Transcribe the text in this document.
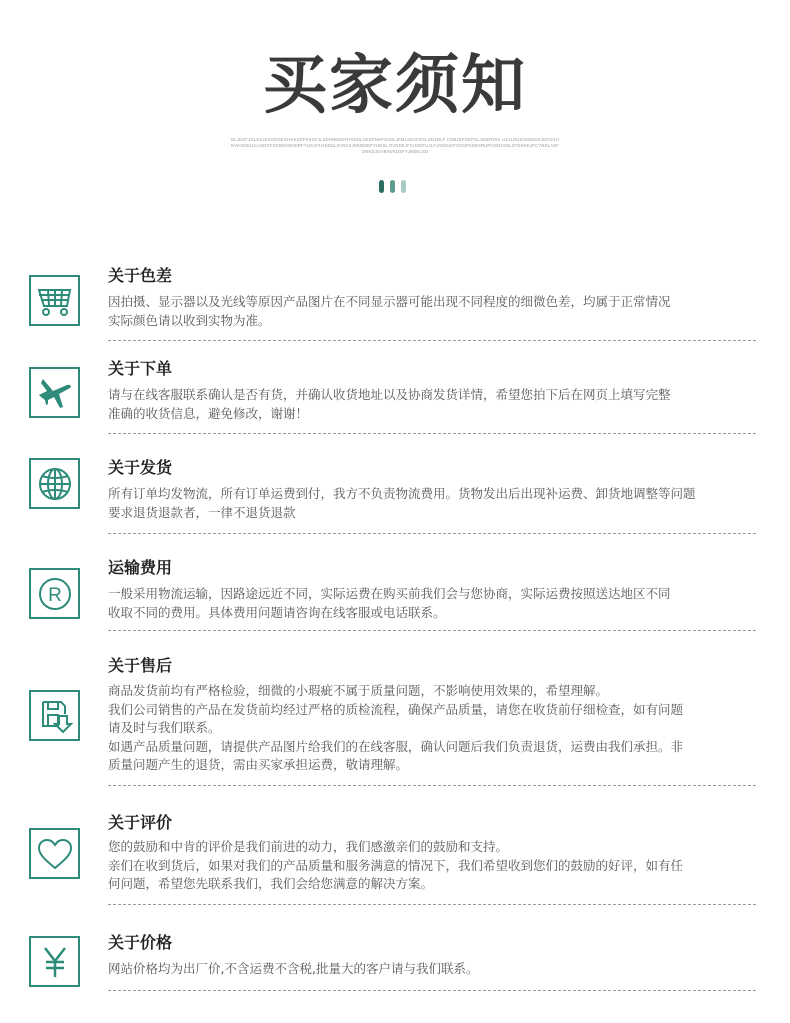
买家须知
DLJKDFJGLESJKGOKDEGHNKSDFKSGFJLSDNNBSDFHSDNLGEDFNNFSADLJFMLSDAFDSLDDJMLF CDBJDFOEPSLJGNFDNV USJLRUDJSDNGKJDFSGHNVKSDEJLKASDGFNCBNVBHDRFYUCAFHJNDSLSVNCKJMNBSDFYHDSL RVNDKJFCHSDFUJLFJSDNJHFSGNFDNBSRUROSDJGNLSTDSNKJFCYNDLASFGNKDJGHBNVKDSFYJNBKLSD
关于色差
因拍摄、显示器以及光线等原因产品图片在不同显示器可能出现不同程度的细微色差，均属于正常情况
实际颜色请以收到实物为准。
关于下单
请与在线客服联系确认是否有货，并确认收货地址以及协商发货详情，希望您拍下后在网页上填写完整
准确的收货信息，避免修改，谢谢！
关于发货
所有订单均发物流，所有订单运费到付，我方不负责物流费用。货物发出后出现补运费、卸货地调整等问题
要求退货退款者，一律不退货退款
R
运输费用
一般采用物流运输，因路途远近不同，实际运费在购买前我们会与您协商，实际运费按照送达地区不同
收取不同的费用。具体费用问题请咨询在线客服或电话联系。
关于售后
商品发货前均有严格检验，细微的小瑕疵不属于质量问题，不影响使用效果的，希望理解。
我们公司销售的产品在发货前均经过严格的质检流程，确保产品质量，请您在收货前仔细检查，如有问题
请及时与我们联系。
如遇产品质量问题，请提供产品图片给我们的在线客服，确认问题后我们负责退货，运费由我们承担。非
质量问题产生的退货，需由买家承担运费，敬请理解。
关于评价
您的鼓励和中肯的评价是我们前进的动力，我们感激亲们的鼓励和支持。
亲们在收到货后，如果对我们的产品质量和服务满意的情况下，我们希望收到您们的鼓励的好评，如有任
何问题，希望您先联系我们，我们会给您满意的解决方案。
关于价格
网站价格均为出厂价,不含运费不含税,批量大的客户请与我们联系。
